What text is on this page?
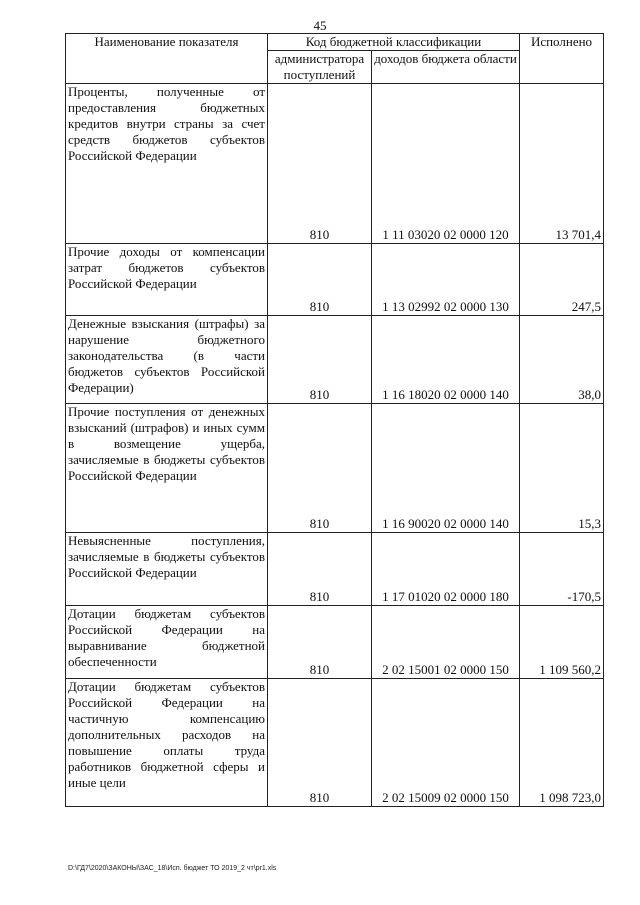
45
Наименование показателя	Код бюджетной классификации		Исполнено
	администратора поступлений	доходов бюджета области	
Проценты, полученные от предоставления бюджетных кредитов внутри страны за счет средств бюджетов субъектов Российской Федерации	810	1 11 03020 02 0000 120	13 701,4
Прочие доходы от компенсации затрат бюджетов субъектов Российской Федерации	810	1 13 02992 02 0000 130	247,5
Денежные взыскания (штрафы) за нарушение бюджетного законодательства (в части бюджетов субъектов Российской Федерации)	810	1 16 18020 02 0000 140	38,0
Прочие поступления от денежных взысканий (штрафов) и иных сумм в возмещение ущерба, зачисляемые в бюджеты субъектов Российской Федерации	810	1 16 90020 02 0000 140	15,3
Невыясненные поступления, зачисляемые в бюджеты субъектов Российской Федерации	810	1 17 01020 02 0000 180	-170,5
Дотации бюджетам субъектов Российской Федерации на выравнивание бюджетной обеспеченности	810	2 02 15001 02 0000 150	1 109 560,2
Дотации бюджетам субъектов Российской Федерации на частичную компенсацию дополнительных расходов на повышение оплаты труда работников бюджетной сферы и иные цели	810	2 02 15009 02 0000 150	1 098 723,0
D:\ГД7\2020\ЗАКОНЫ\ЗАС_18\Исп. бюджет ТО 2019_2 чт\pr1.xls
